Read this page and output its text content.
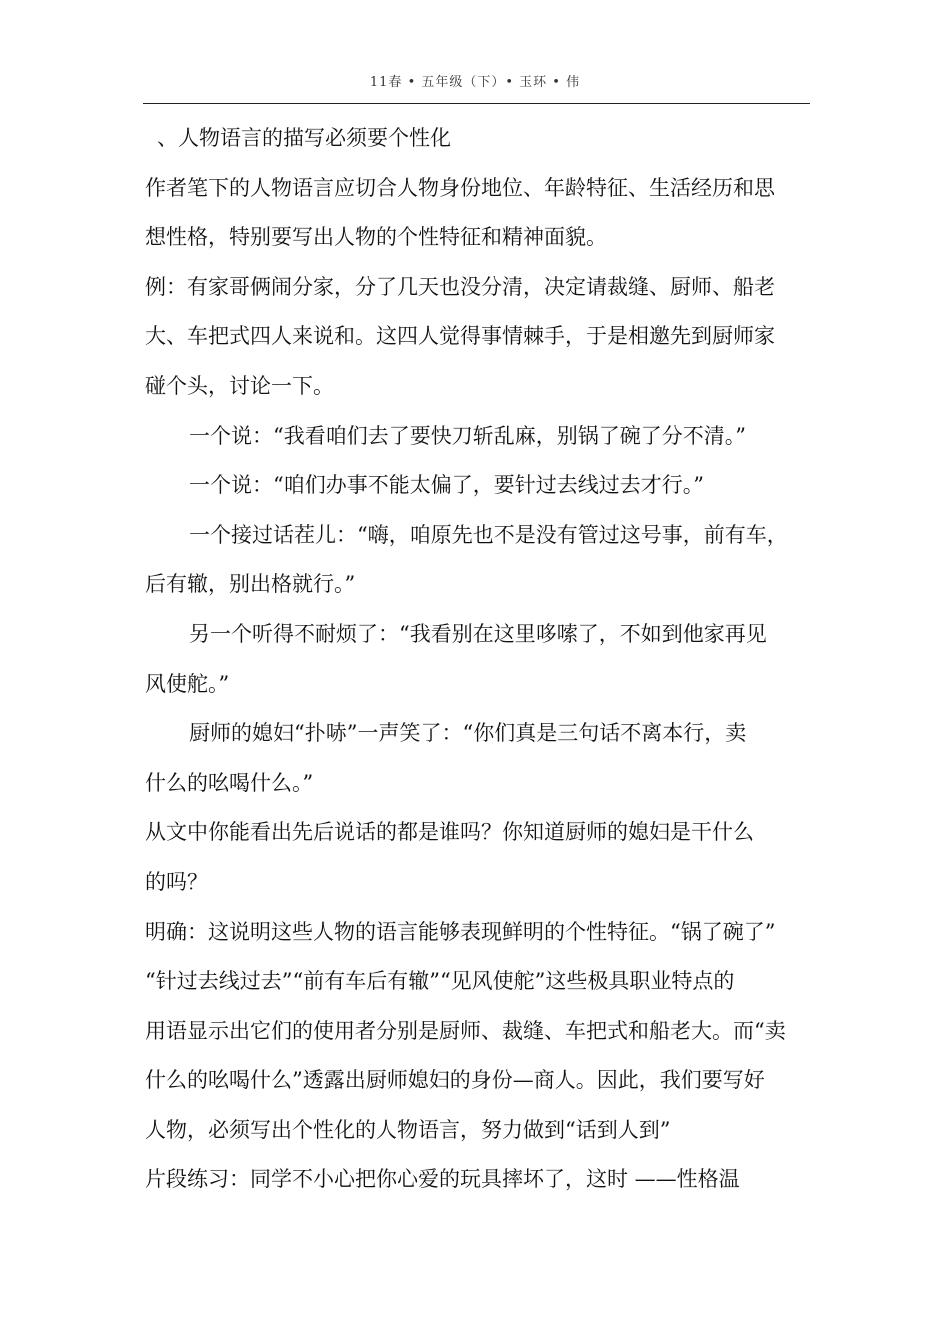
11春 • 五年级（下）• 玉环 • 伟
、人物语言的描写必须要个性化
作者笔下的人物语言应切合人物身份地位、年龄特征、生活经历和思
想性格，特别要写出人物的个性特征和精神面貌。
例：有家哥俩闹分家，分了几天也没分清，决定请裁缝、厨师、船老
大、车把式四人来说和。这四人觉得事情棘手，于是相邀先到厨师家
碰个头，讨论一下。
一个说：“我看咱们去了要快刀斩乱麻，别锅了碗了分不清。”
一个说：“咱们办事不能太偏了，要针过去线过去才行。”
一个接过话茬儿：“嗨，咱原先也不是没有管过这号事，前有车，
后有辙，别出格就行。”
另一个听得不耐烦了：“我看别在这里哆嗦了，不如到他家再见
风使舵。”
厨师的媳妇“扑哧”一声笑了：“你们真是三句话不离本行，卖
什么的吆喝什么。”
从文中你能看出先后说话的都是谁吗？你知道厨师的媳妇是干什么
的吗？
明确：这说明这些人物的语言能够表现鲜明的个性特征。“锅了碗了”
“针过去线过去”“前有车后有辙”“见风使舵”这些极具职业特点的
用语显示出它们的使用者分别是厨师、裁缝、车把式和船老大。而“卖
什么的吆喝什么”透露出厨师媳妇的身份—商人。因此，我们要写好
人物，必须写出个性化的人物语言，努力做到“话到人到”
片段练习：同学不小心把你心爱的玩具摔坏了，这时 ——性格温
